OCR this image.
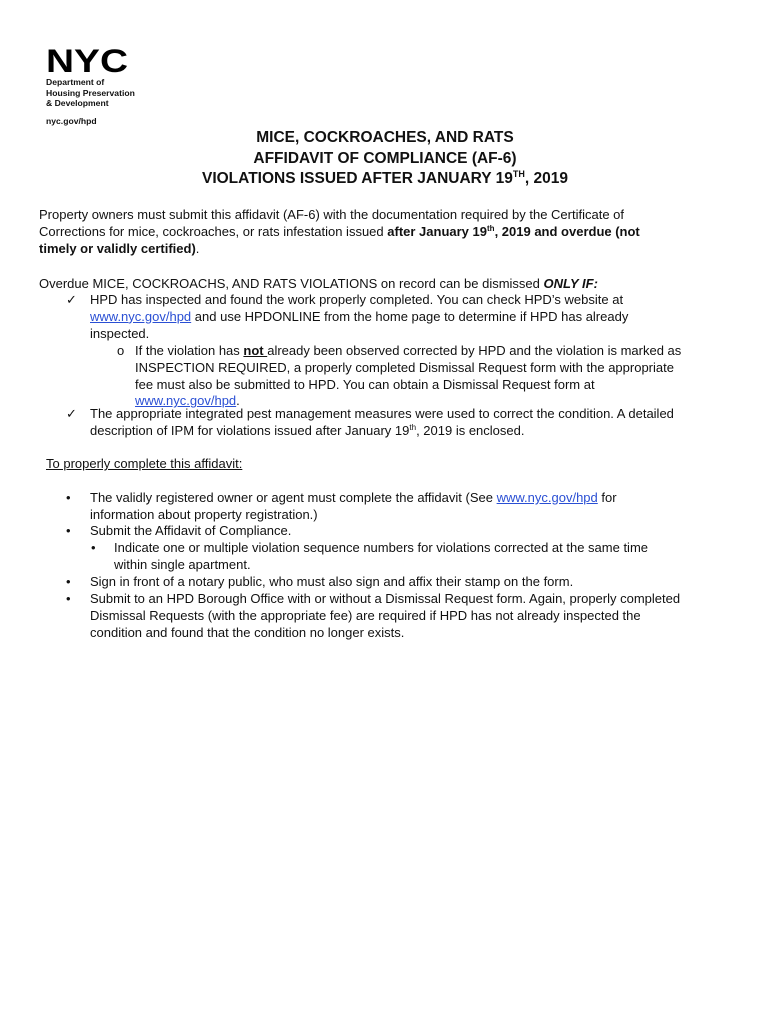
NYC
Department of
Housing Preservation
& Development
nyc.gov/hpd
MICE, COCKROACHES, AND RATS
AFFIDAVIT OF COMPLIANCE (AF-6)
VIOLATIONS ISSUED AFTER JANUARY 19TH, 2019
Property owners must submit this affidavit (AF-6) with the documentation required by the Certificate of
Corrections for mice, cockroaches, or rats infestation issued after January 19th, 2019 and overdue (not
timely or validly certified).
Overdue MICE, COCKROACHS, AND RATS VIOLATIONS on record can be dismissed ONLY IF:
✓ HPD has inspected and found the work properly completed. You can check HPD’s website at
www.nyc.gov/hpd and use HPDONLINE from the home page to determine if HPD has already
inspected.
o If the violation has not already been observed corrected by HPD and the violation is marked as
INSPECTION REQUIRED, a properly completed Dismissal Request form with the appropriate
fee must also be submitted to HPD. You can obtain a Dismissal Request form at
www.nyc.gov/hpd.
✓ The appropriate integrated pest management measures were used to correct the condition. A detailed
description of IPM for violations issued after January 19th, 2019 is enclosed.
To properly complete this affidavit:
• The validly registered owner or agent must complete the affidavit (See www.nyc.gov/hpd for
information about property registration.)
• Submit the Affidavit of Compliance.
• Indicate one or multiple violation sequence numbers for violations corrected at the same time
within single apartment.
• Sign in front of a notary public, who must also sign and affix their stamp on the form.
• Submit to an HPD Borough Office with or without a Dismissal Request form. Again, properly completed
Dismissal Requests (with the appropriate fee) are required if HPD has not already inspected the
condition and found that the condition no longer exists.
